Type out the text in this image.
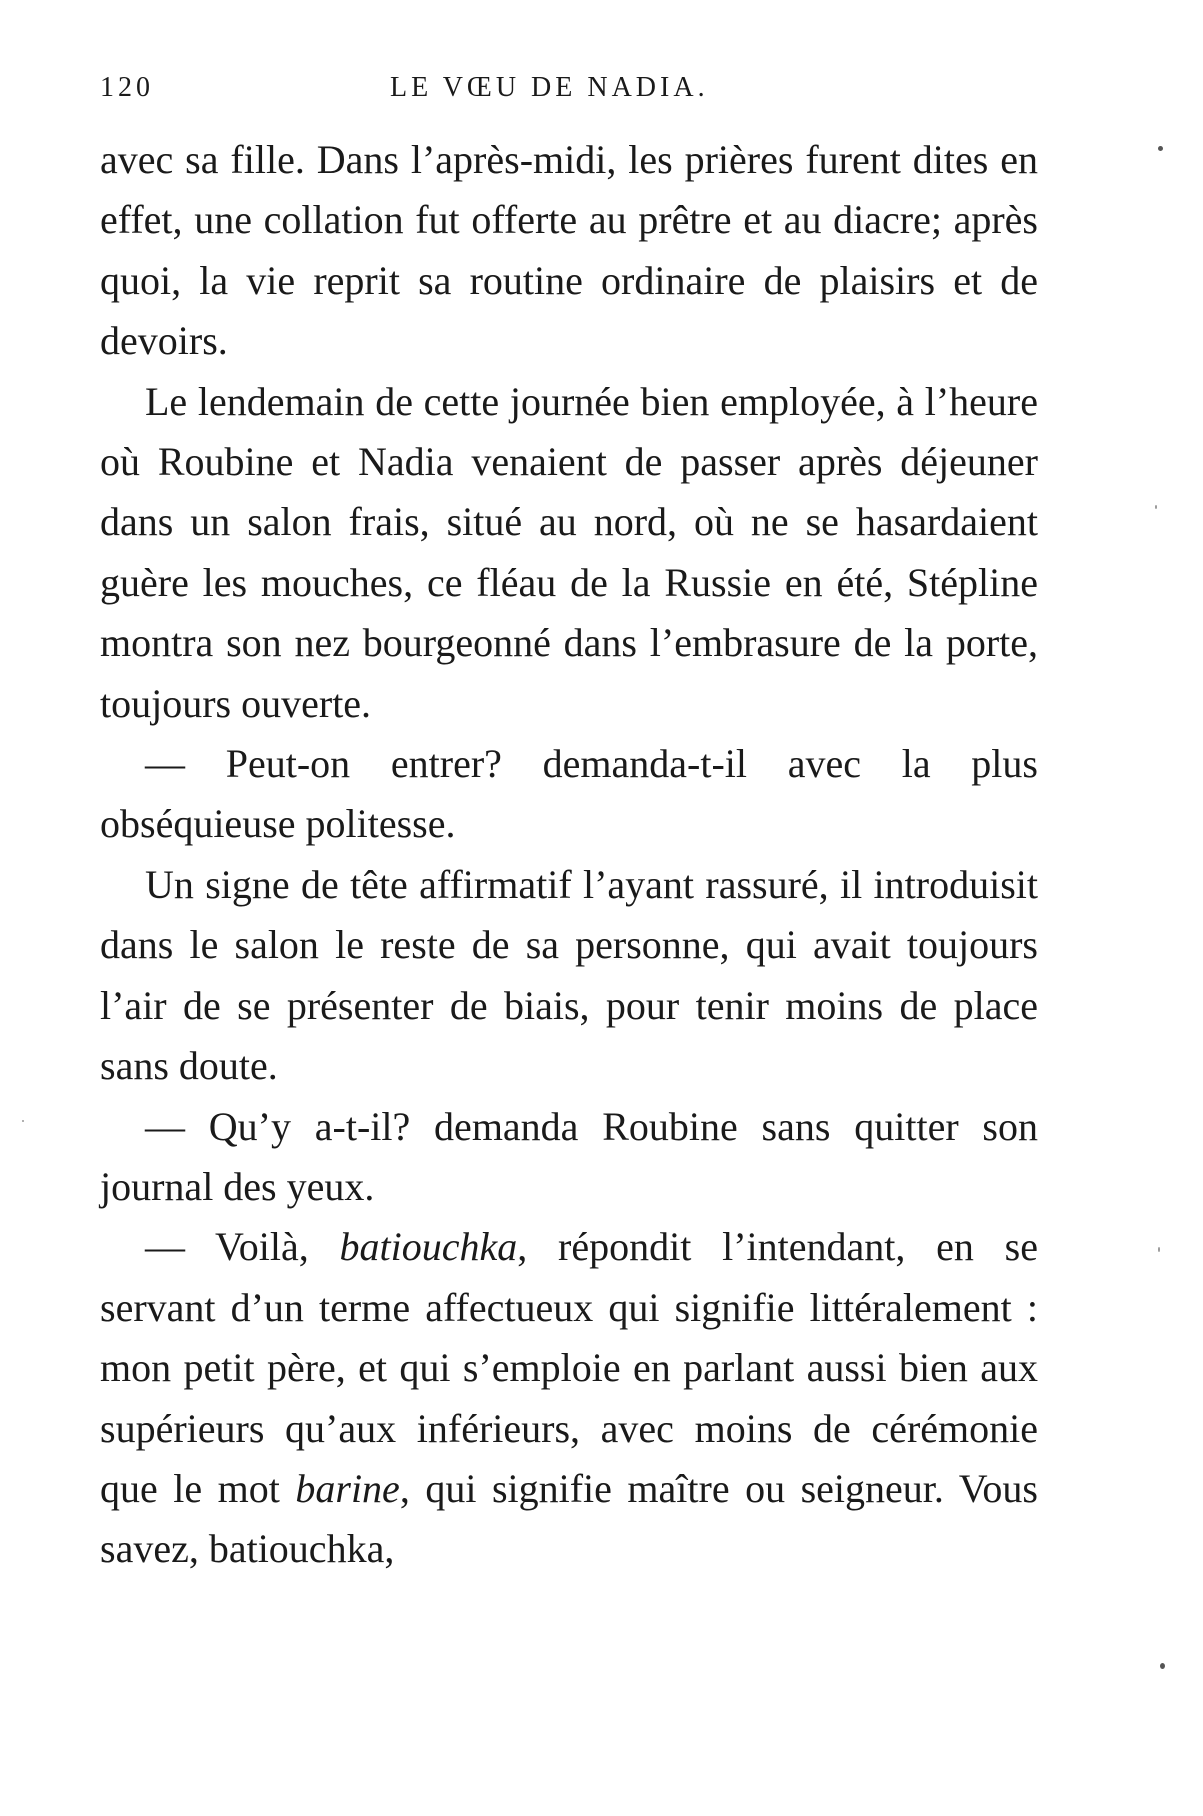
120	LE VŒU DE NADIA.

avec sa fille. Dans l’après-midi, les prières furent dites en effet, une collation fut offerte au prêtre et au diacre; après quoi, la vie reprit sa routine ordinaire de plaisirs et de devoirs.

Le lendemain de cette journée bien employée, à l’heure où Roubine et Nadia venaient de passer après déjeuner dans un salon frais, situé au nord, où ne se hasardaient guère les mouches, ce fléau de la Russie en été, Stépline montra son nez bourgeonné dans l’embrasure de la porte, toujours ouverte.

— Peut-on entrer? demanda-t-il avec la plus obséquieuse politesse.

Un signe de tête affirmatif l’ayant rassuré, il introduisit dans le salon le reste de sa personne, qui avait toujours l’air de se présenter de biais, pour tenir moins de place sans doute.

— Qu’y a-t-il? demanda Roubine sans quitter son journal des yeux.

— Voilà, batiouchka, répondit l’intendant, en se servant d’un terme affectueux qui signifie littéralement : mon petit père, et qui s’emploie en parlant aussi bien aux supérieurs qu’aux inférieurs, avec moins de cérémonie que le mot barine, qui signifie maître ou seigneur. Vous savez, batiouchka,
